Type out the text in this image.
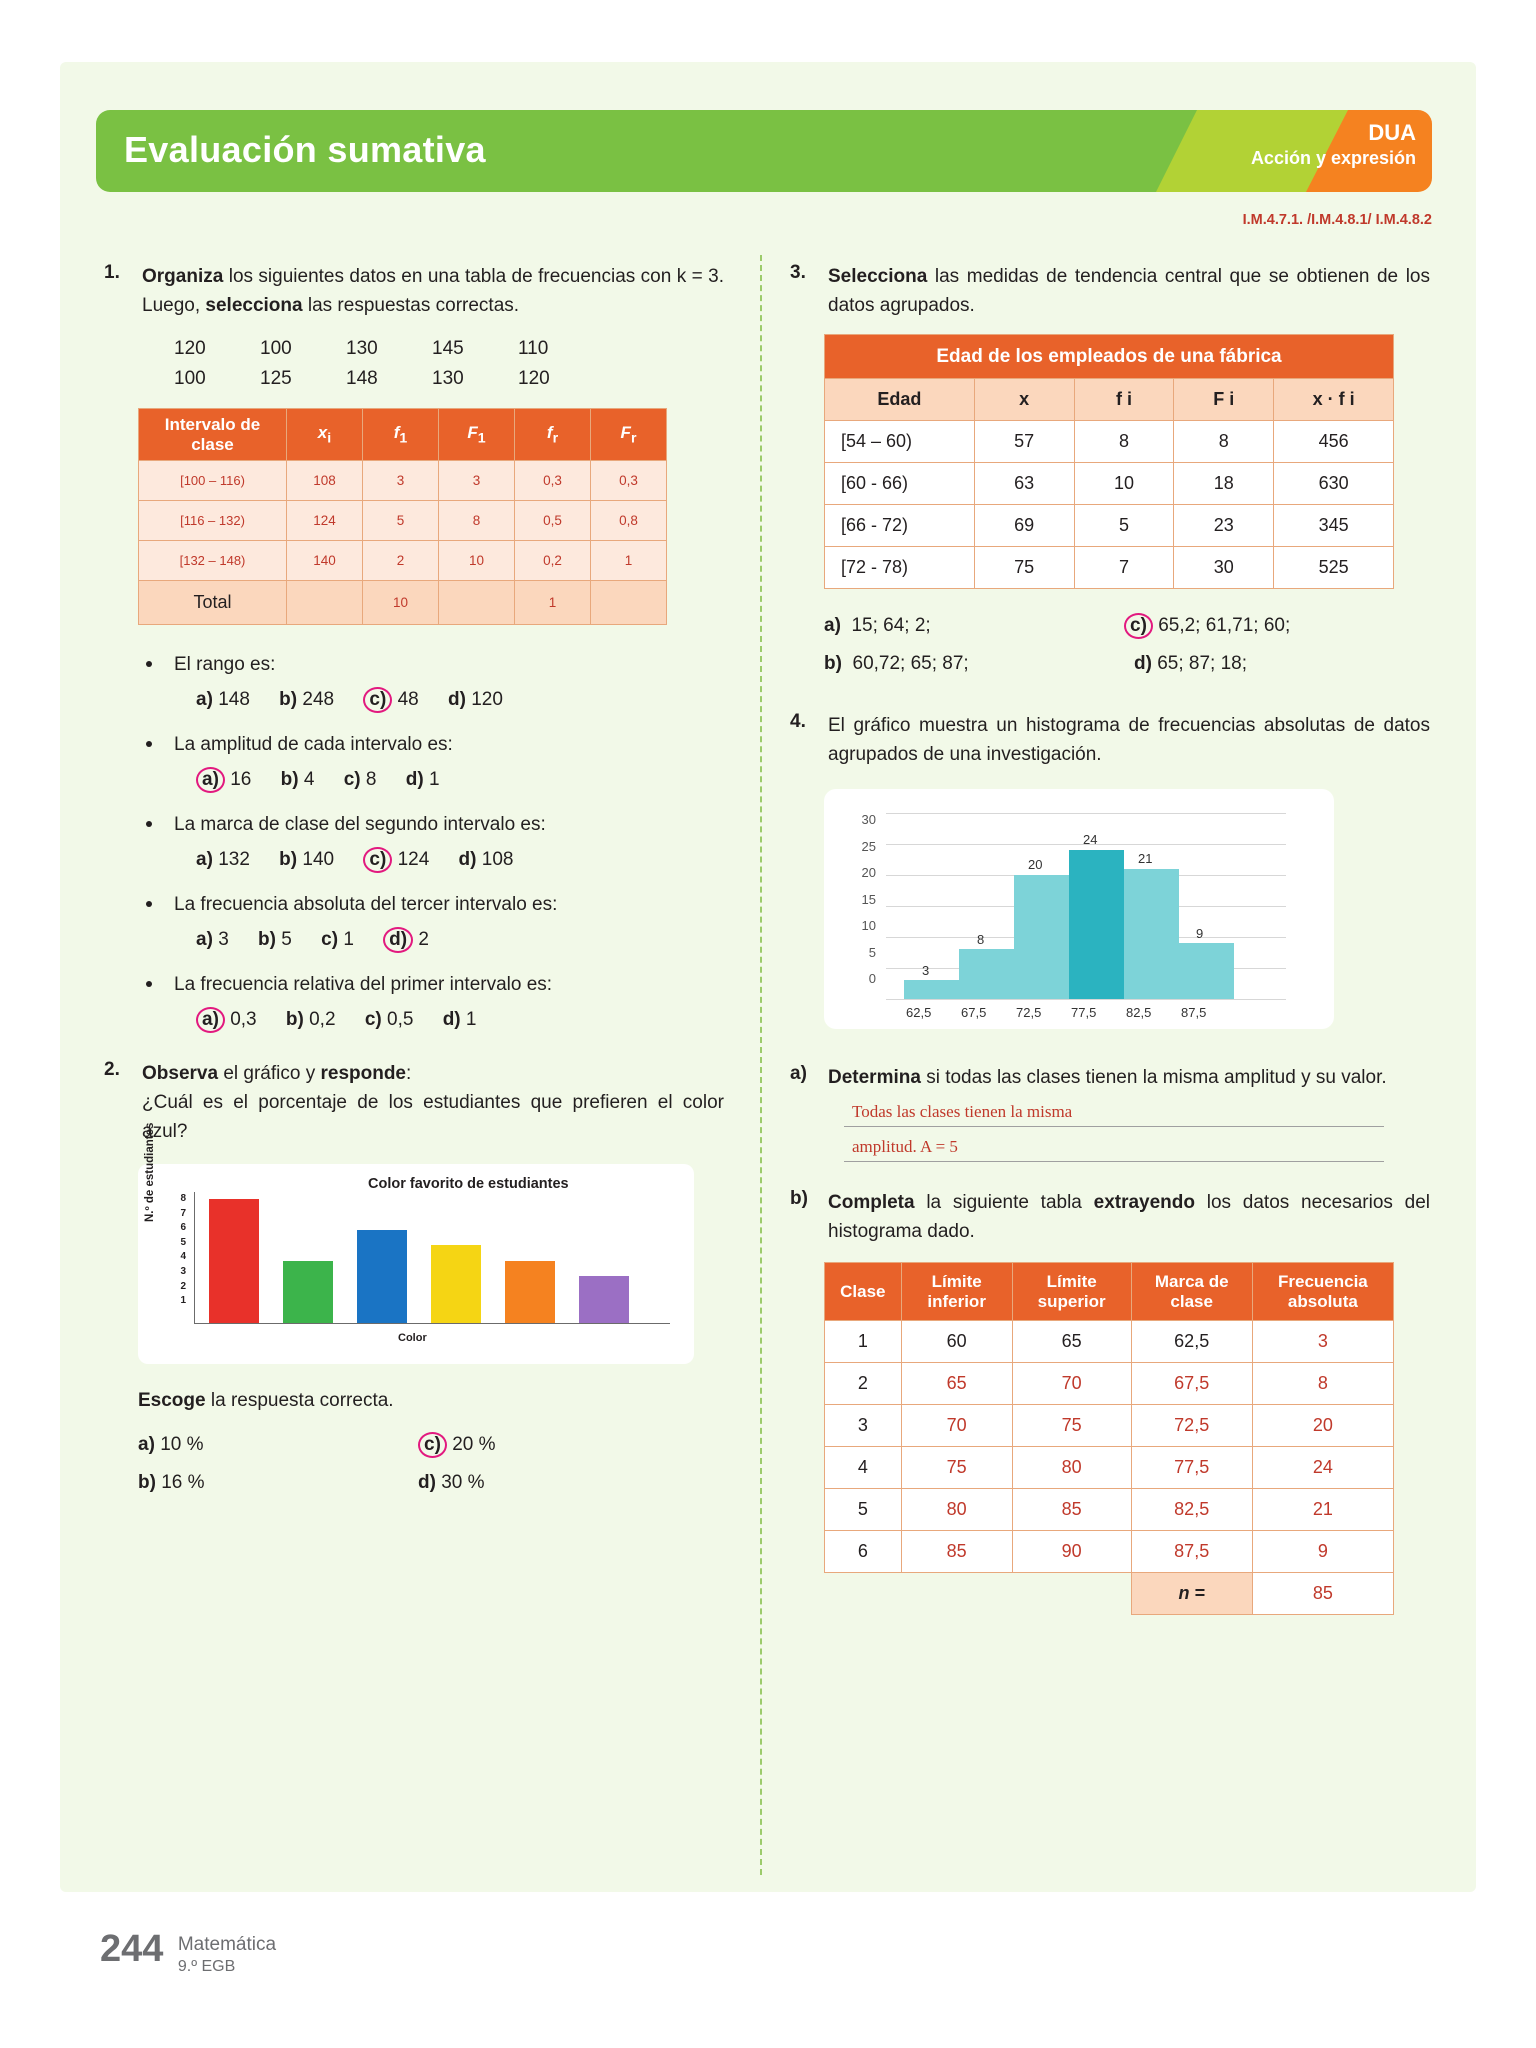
Evaluación sumativa	DUA
Acción y expresión
I.M.4.7.1. /I.M.4.8.1/ I.M.4.8.2
1.	Organiza los siguientes datos en una tabla de frecuencias con k = 3. Luego, selecciona las respuestas correctas.
120	100	130	145	110
100	125	148	130	120
Intervalo de clase	$x_i$	$f_1$	$F_1$	$f_r$	$F_r$
[100 – 116)	108	3	3	0,3	0,3
[116 – 132)	124	5	8	0,5	0,8
[132 – 148)	140	2	10	0,2	1
Total		10		1	
El rango es:
a) 148 b) 248 c) 48 d) 120
La amplitud de cada intervalo es:
a) 16 b) 4 c) 8 d) 1
La marca de clase del segundo intervalo es:
a) 132 b) 140 c) 124 d) 108
La frecuencia absoluta del tercer intervalo es:
a) 3 b) 5 c) 1 d) 2
La frecuencia relativa del primer intervalo es:
a) 0,3 b) 0,2 c) 0,5 d) 1
2.	Observa el gráfico y responde:
¿Cuál es el porcentaje de los estudiantes que prefieren el color azul?
Color favorito de estudiantes
N.º de estudiantes	8
7
6
5
4
3
2
1
Color
Escoge la respuesta correcta.
a) 10 %	c) 20 %
b) 16 %	d) 30 %
3.	Selecciona las medidas de tendencia central que se obtienen de los datos agrupados.
Edad de los empleados de una fábrica				
Edad	x	f i	F i	x · f i
[54 – 60)	57	8	8	456
[60 - 66)	63	10	18	630
[66 - 72)	69	5	23	345
[72 - 78)	75	7	30	525
a) 15; 64; 2;	c) 65,2; 61,71; 60;
b) 60,72; 65; 87;	d) 65; 87; 18;
4.	El gráfico muestra un histograma de frecuencias absolutas de datos agrupados de una investigación.
30
25
20
15
10
5
0
3
8
20
24
21
9
62,5 67,5 72,5 77,5 82,5 87,5
a)	Determina si todas las clases tienen la misma amplitud y su valor.
Todas las clases tienen la misma
amplitud. A = 5
b)	Completa la siguiente tabla extrayendo los datos necesarios del histograma dado.
Clase	Límite inferior	Límite superior	Marca de clase	Frecuencia absoluta
1	60	65	62,5	3
2	65	70	67,5	8
3	70	75	72,5	20
4	75	80	77,5	24
5	80	85	82,5	21
6	85	90	87,5	9
			n =	85
244 Matemática
9.º EGB
